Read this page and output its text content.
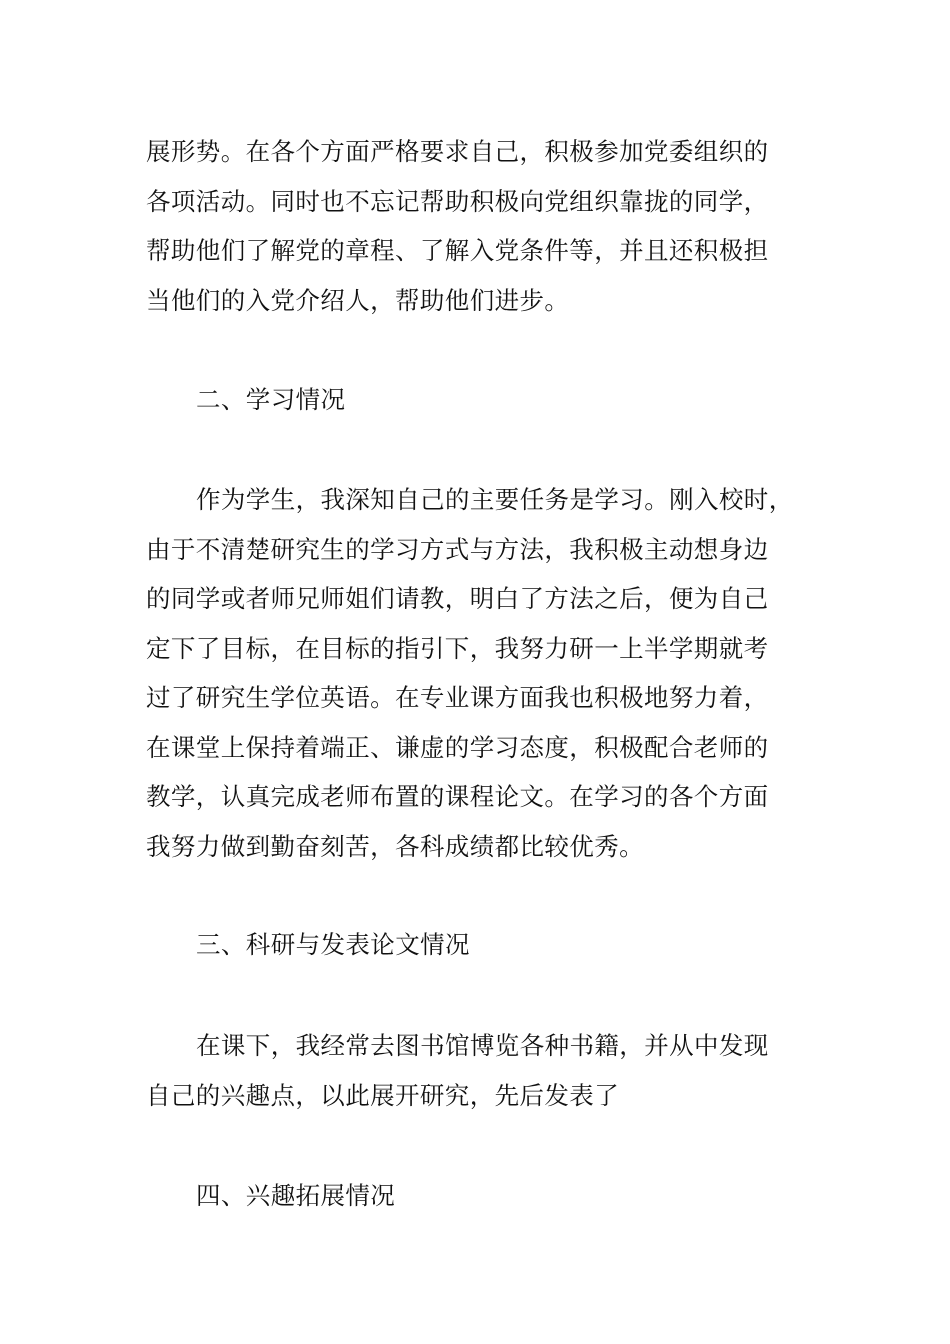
展形势。在各个方面严格要求自己，积极参加党委组织的
各项活动。同时也不忘记帮助积极向党组织靠拢的同学，
帮助他们了解党的章程、了解入党条件等，并且还积极担
当他们的入党介绍人，帮助他们进步。
二、学习情况
作为学生，我深知自己的主要任务是学习。刚入校时，
由于不清楚研究生的学习方式与方法，我积极主动想身边
的同学或者师兄师姐们请教，明白了方法之后，便为自己
定下了目标，在目标的指引下，我努力研一上半学期就考
过了研究生学位英语。在专业课方面我也积极地努力着，
在课堂上保持着端正、谦虚的学习态度，积极配合老师的
教学，认真完成老师布置的课程论文。在学习的各个方面
我努力做到勤奋刻苦，各科成绩都比较优秀。
三、科研与发表论文情况
在课下，我经常去图书馆博览各种书籍，并从中发现
自己的兴趣点，以此展开研究，先后发表了
四、兴趣拓展情况
